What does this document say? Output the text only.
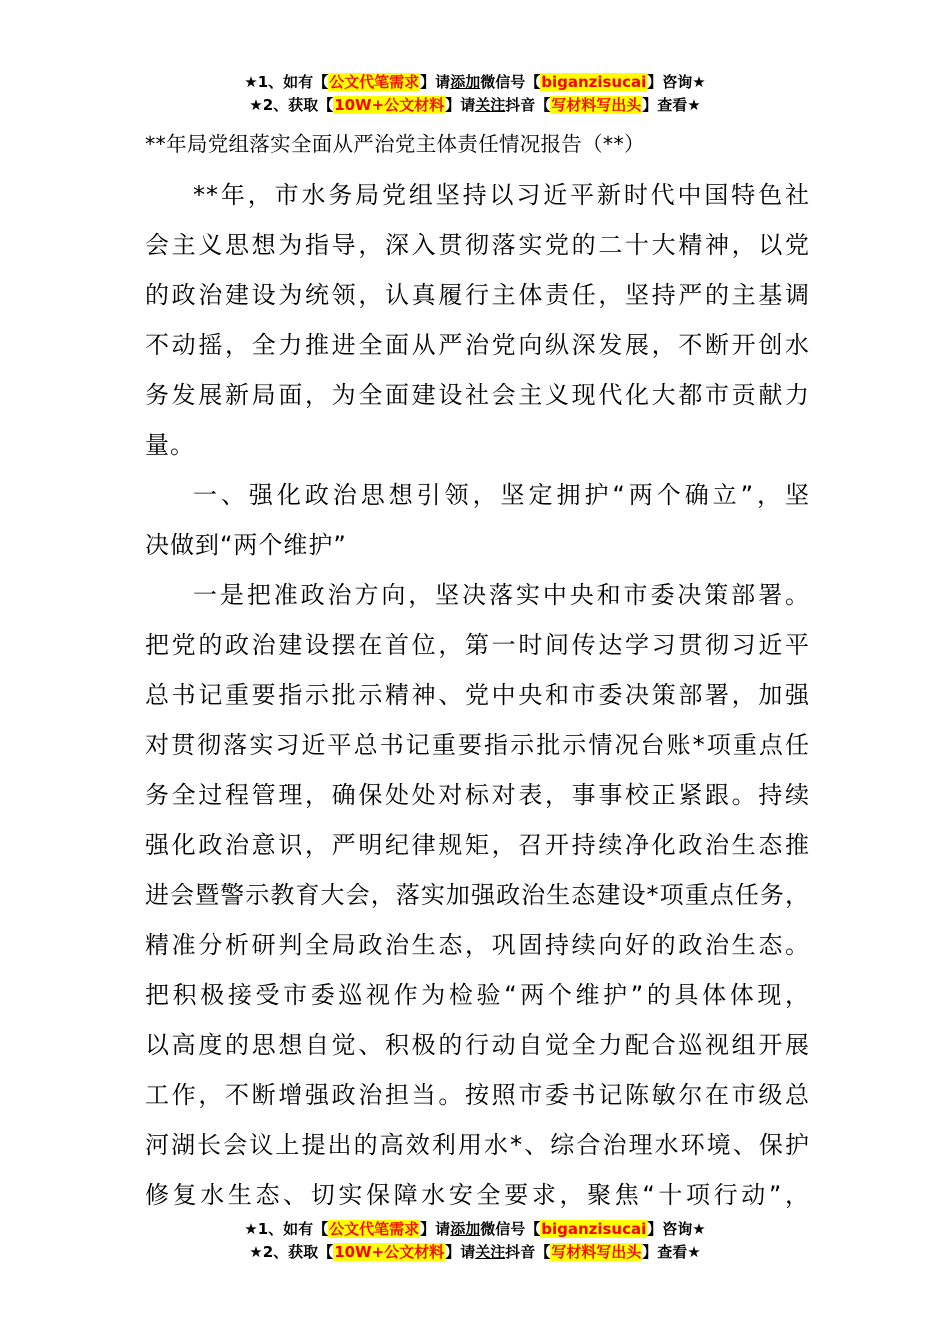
★1、如有【公文代笔需求】请添加微信号【biganzisucai】咨询★
★2、获取【10W+公文材料】请关注抖音【写材料写出头】查看★
**年局党组落实全面从严治党主体责任情况报告（**）
**年，市水务局党组坚持以习近平新时代中国特色社
会主义思想为指导，深入贯彻落实党的二十大精神，以党
的政治建设为统领，认真履行主体责任，坚持严的主基调
不动摇，全力推进全面从严治党向纵深发展，不断开创水
务发展新局面，为全面建设社会主义现代化大都市贡献力
量。
一、强化政治思想引领，坚定拥护“两个确立”，坚
决做到“两个维护”
一是把准政治方向，坚决落实中央和市委决策部署。
把党的政治建设摆在首位，第一时间传达学习贯彻习近平
总书记重要指示批示精神、党中央和市委决策部署，加强
对贯彻落实习近平总书记重要指示批示情况台账*项重点任
务全过程管理，确保处处对标对表，事事校正紧跟。持续
强化政治意识，严明纪律规矩，召开持续净化政治生态推
进会暨警示教育大会，落实加强政治生态建设*项重点任务，
精准分析研判全局政治生态，巩固持续向好的政治生态。
把积极接受市委巡视作为检验“两个维护”的具体体现，
以高度的思想自觉、积极的行动自觉全力配合巡视组开展
工作，不断增强政治担当。按照市委书记陈敏尔在市级总
河湖长会议上提出的高效利用水*、综合治理水环境、保护
修复水生态、切实保障水安全要求，聚焦“十项行动”，
★1、如有【公文代笔需求】请添加微信号【biganzisucai】咨询★
★2、获取【10W+公文材料】请关注抖音【写材料写出头】查看★
